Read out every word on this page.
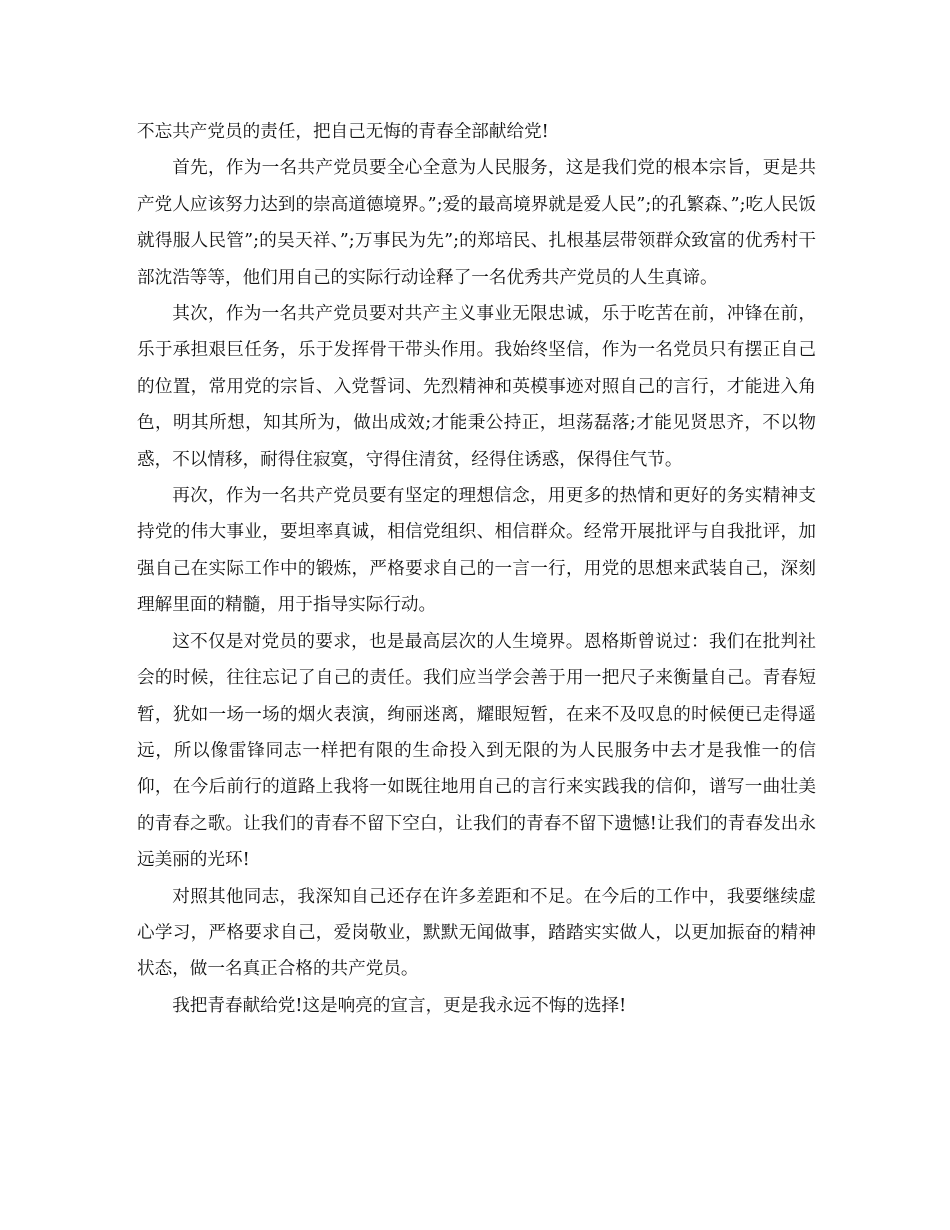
不忘共产党员的责任，把自己无悔的青春全部献给党!

首先，作为一名共产党员要全心全意为人民服务，这是我们党的根本宗旨，更是共产党人应该努力达到的崇高道德境界。”;爱的最高境界就是爱人民”;的孔繁森、”;吃人民饭就得服人民管”;的吴天祥、”;万事民为先”;的郑培民、扎根基层带领群众致富的优秀村干部沈浩等等，他们用自己的实际行动诠释了一名优秀共产党员的人生真谛。

其次，作为一名共产党员要对共产主义事业无限忠诚，乐于吃苦在前，冲锋在前，乐于承担艰巨任务，乐于发挥骨干带头作用。我始终坚信，作为一名党员只有摆正自己的位置，常用党的宗旨、入党誓词、先烈精神和英模事迹对照自己的言行，才能进入角色，明其所想，知其所为，做出成效;才能秉公持正，坦荡磊落;才能见贤思齐，不以物惑，不以情移，耐得住寂寞，守得住清贫，经得住诱惑，保得住气节。

再次，作为一名共产党员要有坚定的理想信念，用更多的热情和更好的务实精神支持党的伟大事业，要坦率真诚，相信党组织、相信群众。经常开展批评与自我批评，加强自己在实际工作中的锻炼，严格要求自己的一言一行，用党的思想来武装自己，深刻理解里面的精髓，用于指导实际行动。

这不仅是对党员的要求，也是最高层次的人生境界。恩格斯曾说过：我们在批判社会的时候，往往忘记了自己的责任。我们应当学会善于用一把尺子来衡量自己。青春短暂，犹如一场一场的烟火表演，绚丽迷离，耀眼短暂，在来不及叹息的时候便已走得遥远，所以像雷锋同志一样把有限的生命投入到无限的为人民服务中去才是我惟一的信仰，在今后前行的道路上我将一如既往地用自己的言行来实践我的信仰，谱写一曲壮美的青春之歌。让我们的青春不留下空白，让我们的青春不留下遗憾!让我们的青春发出永远美丽的光环!

对照其他同志，我深知自己还存在许多差距和不足。在今后的工作中，我要继续虚心学习，严格要求自己，爱岗敬业，默默无闻做事，踏踏实实做人，以更加振奋的精神状态，做一名真正合格的共产党员。

我把青春献给党!这是响亮的宣言，更是我永远不悔的选择!
